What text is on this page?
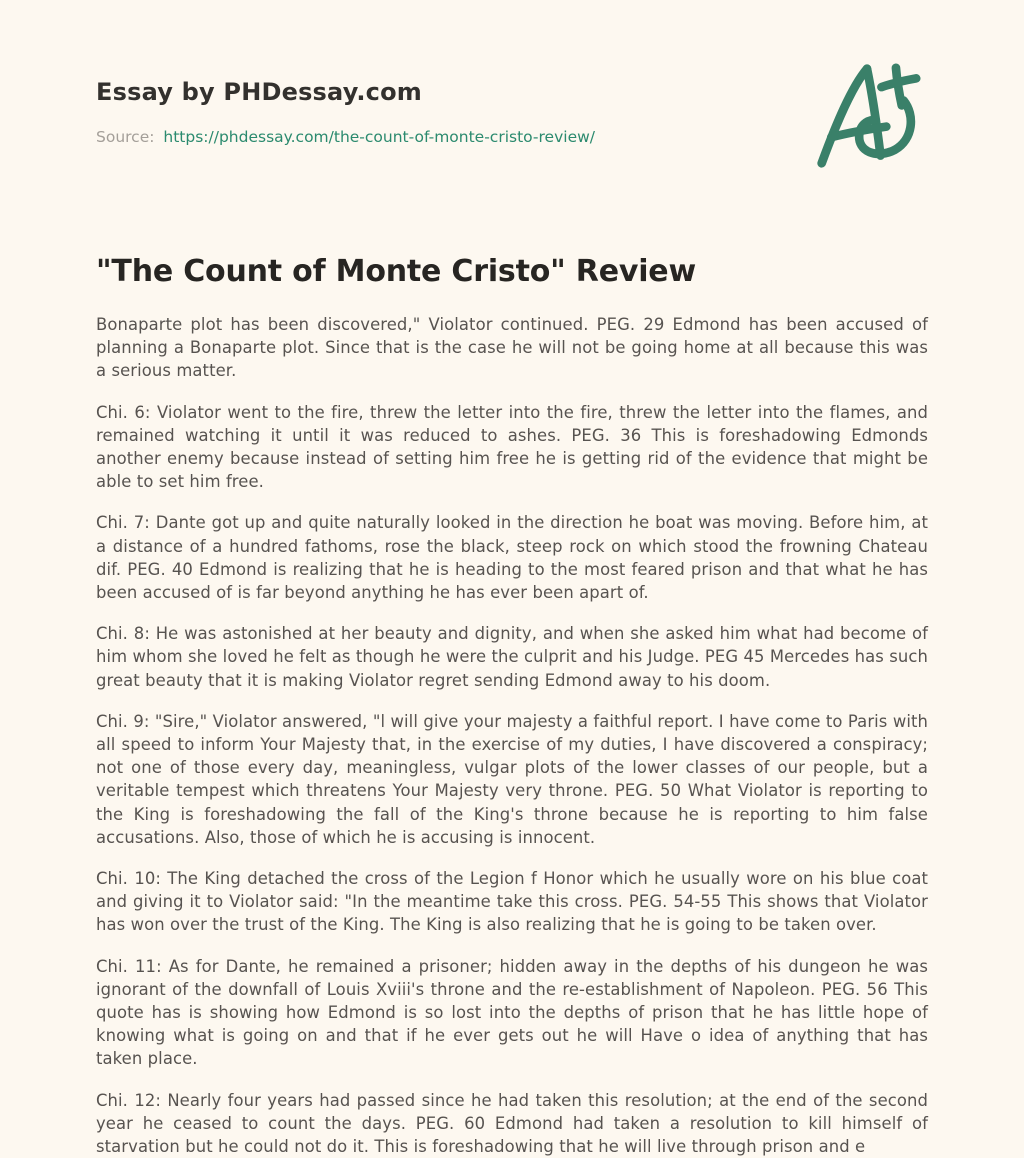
Essay by PHDessay.com
Source: https://phdessay.com/the-count-of-monte-cristo-review/
"The Count of Monte Cristo" Review

Bonaparte plot has been discovered," Violator continued. PEG. 29 Edmond has been accused of planning a Bonaparte plot. Since that is the case he will not be going home at all because this was a serious matter.

Chi. 6: Violator went to the fire, threw the letter into the fire, threw the letter into the flames, and remained watching it until it was reduced to ashes. PEG. 36 This is foreshadowing Edmonds another enemy because instead of setting him free he is getting rid of the evidence that might be able to set him free.

Chi. 7: Dante got up and quite naturally looked in the direction he boat was moving. Before him, at a distance of a hundred fathoms, rose the black, steep rock on which stood the frowning Chateau dif. PEG. 40 Edmond is realizing that he is heading to the most feared prison and that what he has been accused of is far beyond anything he has ever been apart of.

Chi. 8: He was astonished at her beauty and dignity, and when she asked him what had become of him whom she loved he felt as though he were the culprit and his Judge. PEG 45 Mercedes has such great beauty that it is making Violator regret sending Edmond away to his doom.

Chi. 9: "Sire," Violator answered, "l will give your majesty a faithful report. I have come to Paris with all speed to inform Your Majesty that, in the exercise of my duties, I have discovered a conspiracy; not one of those every day, meaningless, vulgar plots of the lower classes of our people, but a veritable tempest which threatens Your Majesty very throne. PEG. 50 What Violator is reporting to the King is foreshadowing the fall of the King's throne because he is reporting to him false accusations. Also, those of which he is accusing is innocent.

Chi. 10: The King detached the cross of the Legion f Honor which he usually wore on his blue coat and giving it to Violator said: "In the meantime take this cross. PEG. 54-55 This shows that Violator has won over the trust of the King. The King is also realizing that he is going to be taken over.

Chi. 11: As for Dante, he remained a prisoner; hidden away in the depths of his dungeon he was ignorant of the downfall of Louis Xviii's throne and the re-establishment of Napoleon. PEG. 56 This quote has is showing how Edmond is so lost into the depths of prison that he has little hope of knowing what is going on and that if he ever gets out he will Have o idea of anything that has taken place.

Chi. 12: Nearly four years had passed since he had taken this resolution; at the end of the second year he ceased to count the days. PEG. 60 Edmond had taken a resolution to kill himself of starvation but he could not do it. This is foreshadowing that he will live through prison and e
